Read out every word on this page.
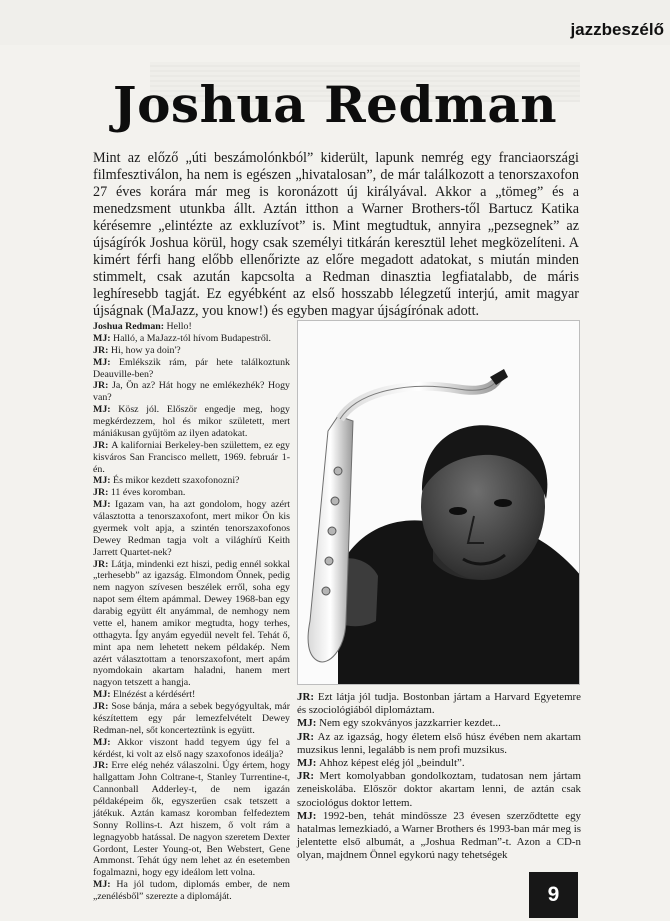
jazzbeszélő
Joshua Redman

Mint az előző „úti beszámolónkból” kiderült, lapunk nemrég egy franciaországi filmfesztiválon, ha nem is egészen „hivatalosan”, de már találkozott a tenorszaxofon 27 éves korára már meg is koronázott új királyával. Akkor a „tömeg” és a menedzsment utunkba állt. Aztán itthon a Warner Brothers-től Bartucz Katika kérésemre „elintézte az exkluzívot” is. Mint megtudtuk, annyira „pezsegnek” az újságírók Joshua körül, hogy csak személyi titkárán keresztül lehet megközelíteni. A kimért férfi hang előbb ellenőrizte az előre megadott adatokat, s miután minden stimmelt, csak azután kapcsolta a Redman dinasztia legfiatalabb, de máris leghíresebb tagját. Ez egyébként az első hosszabb lélegzetű interjú, amit magyar újságnak (MaJazz, you know!) és egyben magyar újságírónak adott.

Joshua Redman: Hello!

MJ: Halló, a MaJazz-tól hívom Budapestről.

JR: Hi, how ya doin'?

MJ: Emlékszik rám, pár hete találkoztunk Deauville-ben?

JR: Ja, Ön az? Hát hogy ne emlékezhék? Hogy van?

MJ: Kösz jól. Először engedje meg, hogy megkérdezzem, hol és mikor született, mert mániákusan gyűjtöm az ilyen adatokat.

JR: A kaliforniai Berkeley-ben születtem, ez egy kisváros San Francisco mellett, 1969. február 1-én.

MJ: És mikor kezdett szaxofonozni?

JR: 11 éves koromban.

MJ: Igazam van, ha azt gondolom, hogy azért választotta a tenorszaxofont, mert mikor Ön kis gyermek volt apja, a szintén tenorszaxofonos Dewey Redman tagja volt a világhírű Keith Jarrett Quartet-nek?

JR: Látja, mindenki ezt hiszi, pedig ennél sokkal „terhesebb” az igazság. Elmondom Önnek, pedig nem nagyon szívesen beszélek erről, soha egy napot sem éltem apámmal. Dewey 1968-ban egy darabig együtt élt anyámmal, de nemhogy nem vette el, hanem amikor megtudta, hogy terhes, otthagyta. Így anyám egyedül nevelt fel. Tehát ő, mint apa nem lehetett nekem példakép. Nem azért választottam a tenorszaxofont, mert apám nyomdokain akartam haladni, hanem mert nagyon tetszett a hangja.

MJ: Elnézést a kérdésért!

JR: Sose bánja, mára a sebek begyógyultak, már készítettem egy pár lemezfelvételt Dewey Redman-nel, sőt koncerteztünk is együtt.

MJ: Akkor viszont hadd tegyem úgy fel a kérdést, ki volt az első nagy szaxofonos ideálja?

JR: Erre elég nehéz válaszolni. Úgy értem, hogy hallgattam John Coltrane-t, Stanley Turrentine-t, Cannonball Adderley-t, de nem igazán példaképeim ők, egyszerűen csak tetszett a játékuk. Aztán kamasz koromban felfedeztem Sonny Rollins-t. Azt hiszem, ő volt rám a legnagyobb hatással. De nagyon szeretem Dexter Gordont, Lester Young-ot, Ben Webstert, Gene Ammonst. Tehát úgy nem lehet az én esetemben fogalmazni, hogy egy ideálom lett volna.

MJ: Ha jól tudom, diplomás ember, de nem „zenélésből” szerezte a diplomáját.

JR: Ezt látja jól tudja. Bostonban jártam a Harvard Egyetemre és szociológiából diplomáztam.

MJ: Nem egy szokványos jazzkarrier kezdet...

JR: Az az igazság, hogy életem első húsz évében nem akartam muzsikus lenni, legalább is nem profi muzsikus.

MJ: Ahhoz képest elég jól „beindult”.

JR: Mert komolyabban gondolkoztam, tudatosan nem jártam zeneiskolába. Először doktor akartam lenni, de aztán csak szociológus doktor lettem.

MJ: 1992-ben, tehát mindössze 23 évesen szerződtette egy hatalmas lemezkiadó, a Warner Brothers és 1993-ban már meg is jelentette első albumát, a „Joshua Redman”-t. Azon a CD-n olyan, majdnem Önnel egykorú nagy tehetségek

9
